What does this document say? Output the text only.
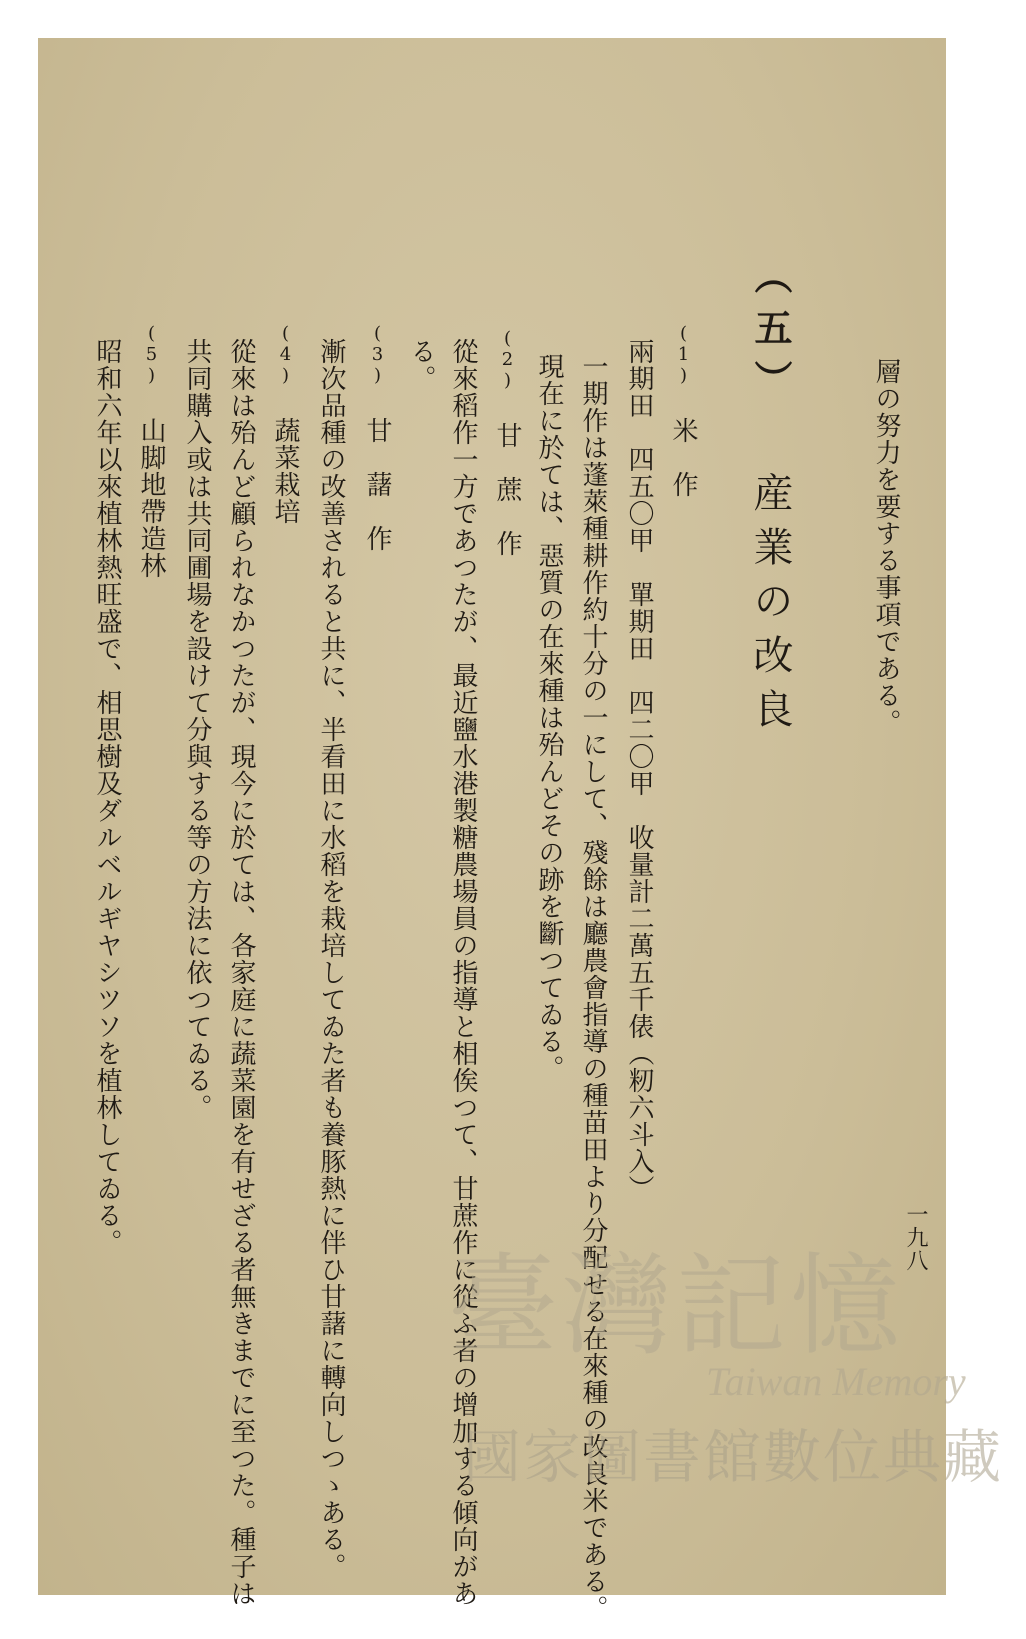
層の努力を要する事項である。
（五） 産業の改良
(1) 米　作
兩期田　四五〇甲　單期田　四二〇甲　收量計二萬五千俵（籾六斗入）
一期作は蓬萊種耕作約十分の一にして、殘餘は廳農會指導の種苗田より分配せる在來種の改良米である。
現在に於ては、惡質の在來種は殆んどその跡を斷つてゐる。
(2) 甘　蔗　作
從來稻作一方であつたが、最近鹽水港製糖農場員の指導と相俟つて、甘蔗作に從ふ者の增加する傾向があ
る。
(3) 甘　藷　作
漸次品種の改善されると共に、半看田に水稻を栽培してゐた者も養豚熱に伴ひ甘藷に轉向しつゝある。
(4) 蔬菜栽培
從來は殆んど顧られなかつたが、現今に於ては、各家庭に蔬菜園を有せざる者無きまでに至つた。種子は
共同購入或は共同圃場を設けて分與する等の方法に依つてゐる。
(5) 山脚地帶造林
昭和六年以來植林熱旺盛で、相思樹及ダルベルギヤシツソを植林してゐる。	一九八
臺灣記憶
Taiwan Memory
國家圖書館數位典藏
